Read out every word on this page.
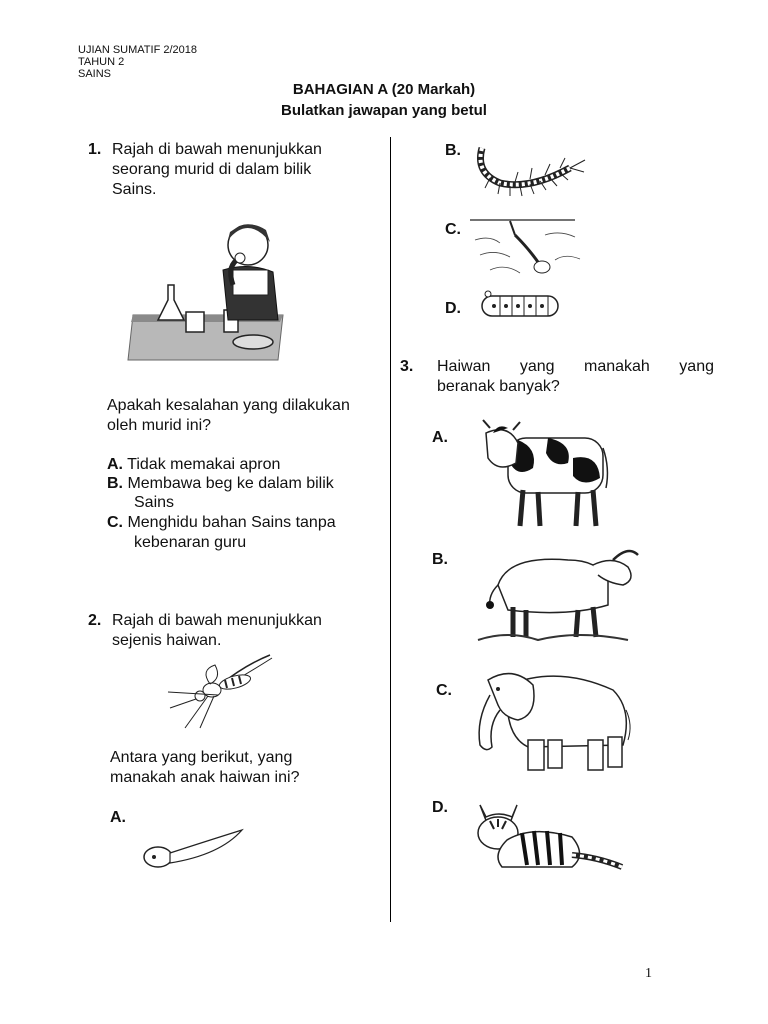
UJIAN SUMATIF 2/2018
TAHUN 2
SAINS
BAHAGIAN A (20 Markah)
Bulatkan jawapan yang betul
1. Rajah di bawah menunjukkan
seorang murid di dalam bilik
Sains.
Apakah kesalahan yang dilakukan
oleh murid ini?
A. Tidak memakai apron
B. Membawa beg ke dalam bilik
Sains
C. Menghidu bahan Sains tanpa
kebenaran guru
2. Rajah di bawah menunjukkan
sejenis haiwan.
Antara yang berikut, yang
manakah anak haiwan ini?
A.
B.
C.
D.
3. Haiwan yang manakah yang
beranak banyak?
A.
B.
C.
D.
1
